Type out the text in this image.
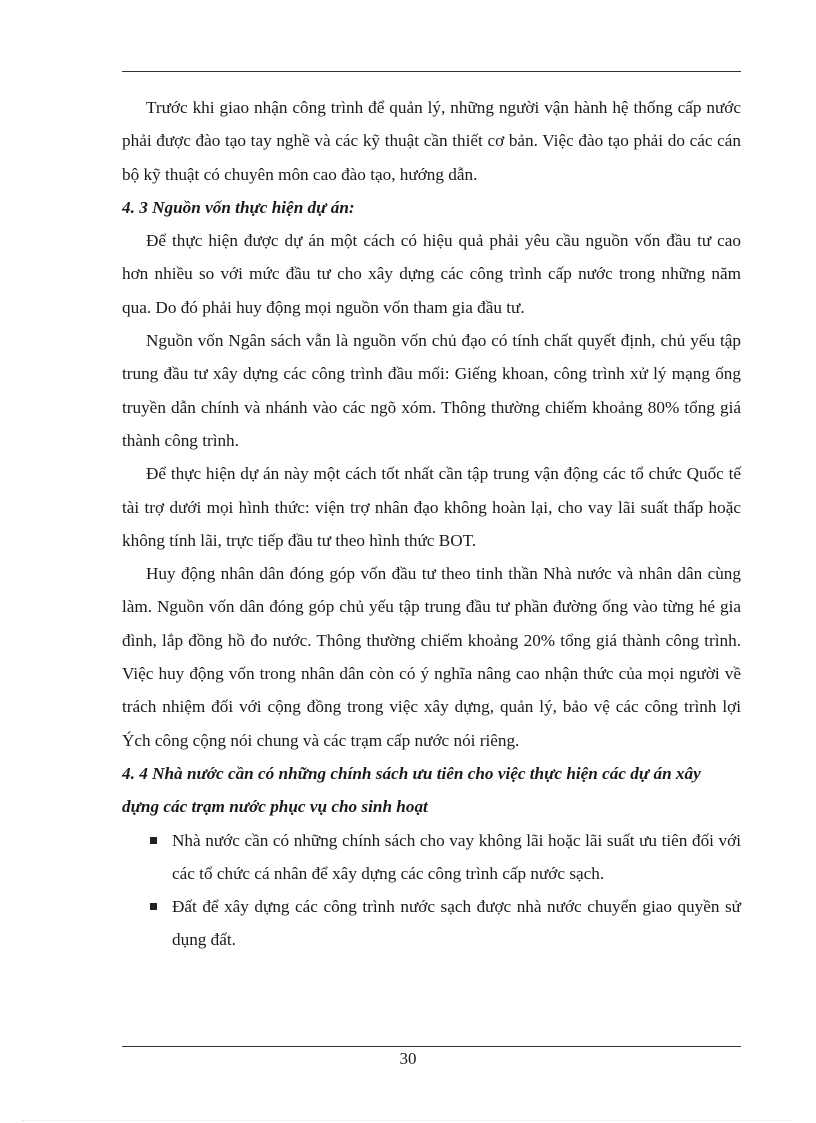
Trước khi giao nhận công trình để quản lý, những người vận hành hệ thống cấp nước phải được đào tạo tay nghề và các kỹ thuật cần thiết cơ bản. Việc đào tạo phải do các cán bộ kỹ thuật có chuyên môn cao đào tạo, hướng dẫn.

4. 3 Nguồn vốn thực hiện dự án:

Để thực hiện được dự án một cách có hiệu quả phải yêu cầu nguồn vốn đầu tư cao hơn nhiều so với mức đầu tư cho xây dựng các công trình cấp nước trong những năm qua. Do đó phải huy động mọi nguồn vốn tham gia đầu tư.

Nguồn vốn Ngân sách vẫn là nguồn vốn chủ đạo có tính chất quyết định, chủ yếu tập trung đầu tư xây dựng các công trình đầu mối: Giếng khoan, công trình xử lý mạng ống truyền dẫn chính và nhánh vào các ngõ xóm. Thông thường chiếm khoảng 80% tổng giá thành công trình.

Để thực hiện dự án này một cách tốt nhất cần tập trung vận động các tổ chức Quốc tế tài trợ dưới mọi hình thức: viện trợ nhân đạo không hoàn lại, cho vay lãi suất thấp hoặc không tính lãi, trực tiếp đầu tư theo hình thức BOT.

Huy động nhân dân đóng góp vốn đầu tư theo tinh thần Nhà nước và nhân dân cùng làm. Nguồn vốn dân đóng góp chủ yếu tập trung đầu tư phần đường ống vào từng hé gia đình, lắp đồng hồ đo nước. Thông thường chiếm khoảng 20% tổng giá thành công trình. Việc huy động vốn trong nhân dân còn có ý nghĩa nâng cao nhận thức của mọi người về trách nhiệm đối với cộng đồng trong việc xây dựng, quản lý, bảo vệ các công trình lợi Ých công cộng nói chung và các trạm cấp nước nói riêng.

4. 4 Nhà nước cần có những chính sách ưu tiên cho việc thực hiện các dự án xây dựng các trạm nước phục vụ cho sinh hoạt

Nhà nước cần có những chính sách cho vay không lãi hoặc lãi suất ưu tiên đối với các tổ chức cá nhân để xây dựng các công trình cấp nước sạch.
Đất để xây dựng các công trình nước sạch được nhà nước chuyển giao quyền sử dụng đất.
30
